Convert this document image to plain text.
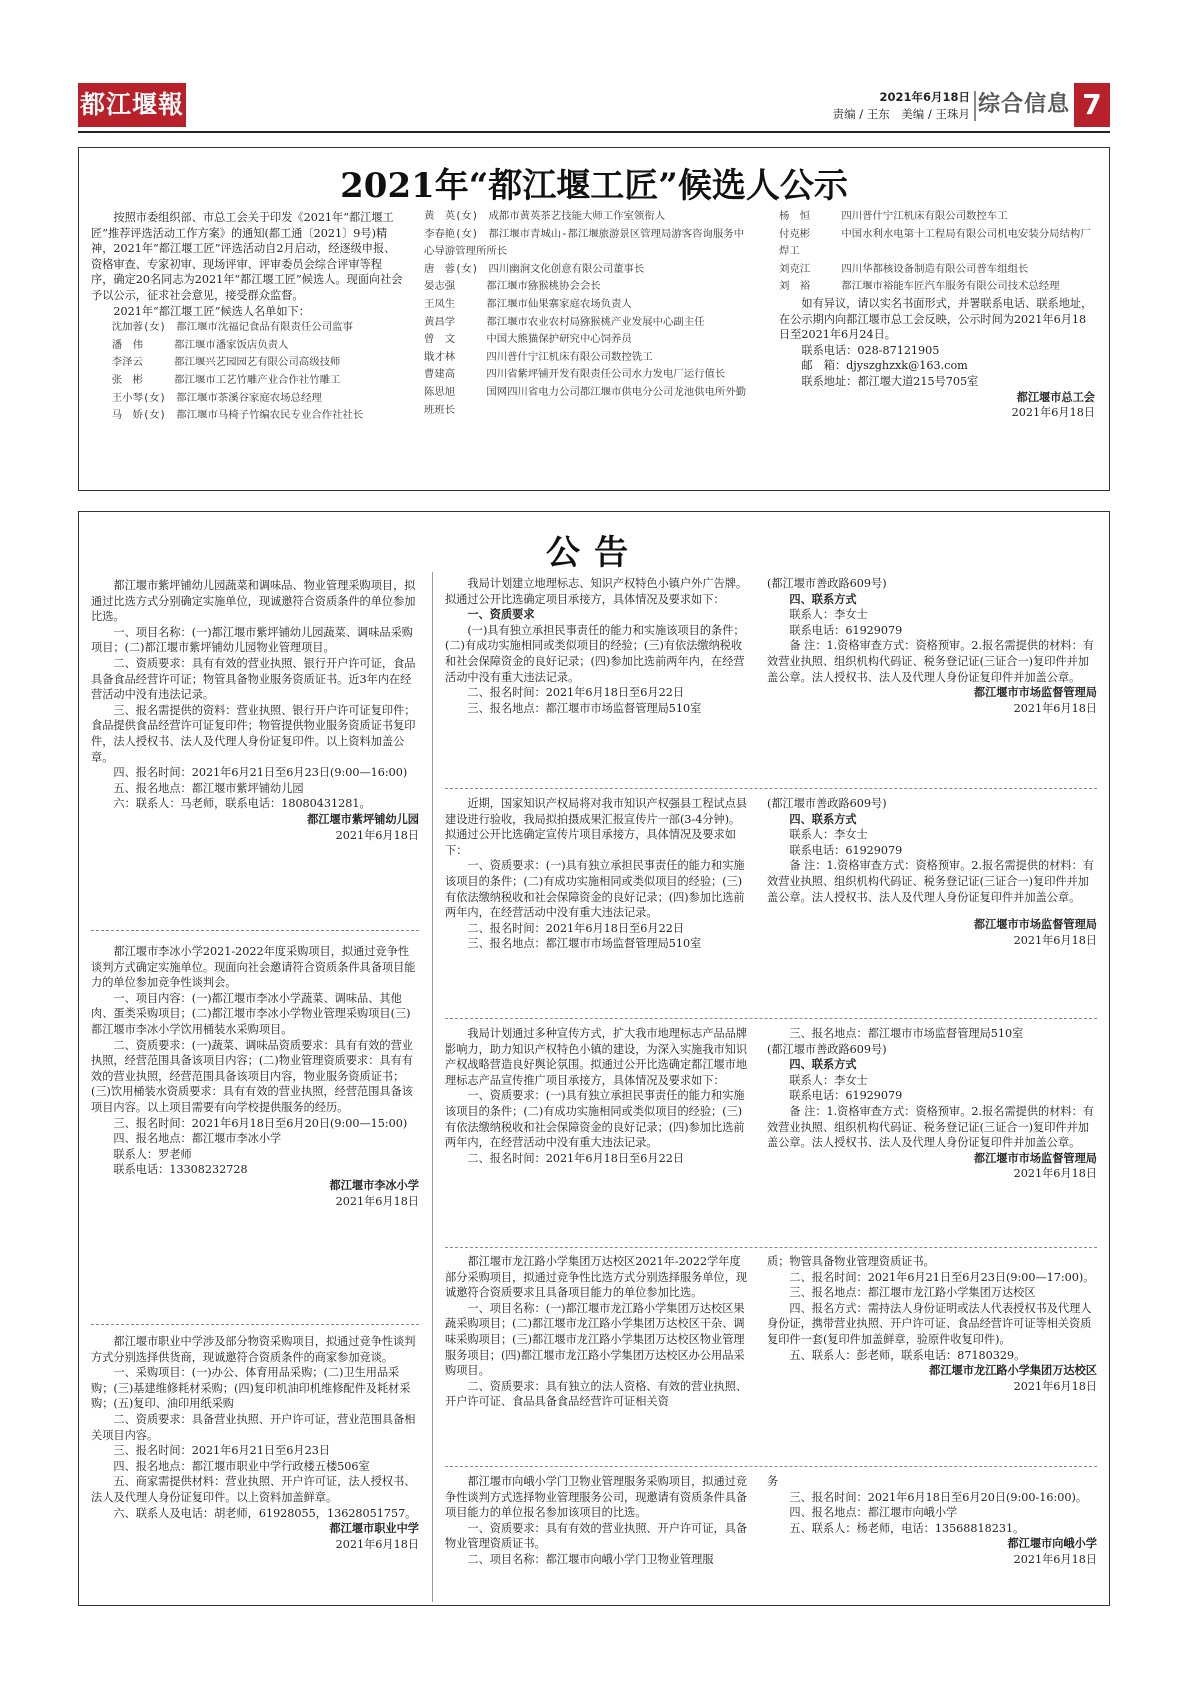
都江堰報	2021年6月18日
责编 / 王东　美编 / 王珠月 综合信息 7
2021年“都江堰工匠”候选人公示

按照市委组织部、市总工会关于印发《2021年“都江堰工匠”推荐评选活动工作方案》的通知(都工通〔2021〕9号)精神，2021年“都江堰工匠”评选活动自2月启动，经逐级申报、资格审查、专家初审、现场评审、评审委员会综合评审等程序，确定20名同志为2021年“都江堰工匠”候选人。现面向社会予以公示，征求社会意见，接受群众监督。

2021年“都江堰工匠”候选人名单如下：

沈加蓉(女)　都江堰市沈福记食品有限责任公司监事

潘　伟　　　都江堰市潘家饭店负责人

李泽云　　　都江堰兴艺园园艺有限公司高级技师

张　彬　　　都江堰市工艺竹雕产业合作社竹雕工

王小琴(女)　都江堰市茶溪谷家庭农场总经理

马　娇(女)　都江堰市马椅子竹编农民专业合作社社长

黄　英(女)　成都市黄英茶艺技能大师工作室领衔人

李春艳(女)　都江堰市青城山-都江堰旅游景区管理局游客咨询服务中心导游管理所所长

唐　蓉(女)　四川幽涧文化创意有限公司董事长

晏志强　　　都江堰市猕猴桃协会会长

王凤生　　　都江堰市仙果寨家庭农场负责人

黄昌学　　　都江堰市农业农村局猕猴桃产业发展中心副主任

曾　文　　　中国大熊猫保护研究中心饲养员

戢才林　　　四川普什宁江机床有限公司数控铣工

曹建高　　　四川省紫坪铺开发有限责任公司水力发电厂运行值长

陈思旭　　　国网四川省电力公司都江堰市供电分公司龙池供电所外勤班班长

杨　恒　　　四川普什宁江机床有限公司数控车工

付克彬　　　中国水利水电第十工程局有限公司机电安装分局结构厂焊工

刘克江　　　四川华都核设备制造有限公司普车组组长

刘　裕　　　都江堰市裕能车匠汽车服务有限公司技术总经理

如有异议，请以实名书面形式，并署联系电话、联系地址，在公示期内向都江堰市总工会反映，公示时间为2021年6月18日至2021年6月24日。

联系电话：028-87121905

邮　箱：djyszghzxk@163.com

联系地址：都江堰大道215号705室

都江堰市总工会

2021年6月18日

公告

都江堰市紫坪铺幼儿园蔬菜和调味品、物业管理采购项目，拟通过比选方式分别确定实施单位，现诚邀符合资质条件的单位参加比选。

一、项目名称：(一)都江堰市紫坪铺幼儿园蔬菜、调味品采购项目；(二)都江堰市紫坪铺幼儿园物业管理项目。

二、资质要求：具有有效的营业执照、银行开户许可证，食品具备食品经营许可证；物管具备物业服务资质证书。近3年内在经营活动中没有违法记录。

三、报名需提供的资料：营业执照、银行开户许可证复印件；食品提供食品经营许可证复印件；物管提供物业服务资质证书复印件，法人授权书、法人及代理人身份证复印件。以上资料加盖公章。

四、报名时间：2021年6月21日至6月23日(9:00—16:00)

五、报名地点：都江堰市紫坪铺幼儿园

六：联系人：马老师，联系电话：18080431281。

都江堰市紫坪铺幼儿园

2021年6月18日

都江堰市李冰小学2021-2022年度采购项目，拟通过竞争性谈判方式确定实施单位。现面向社会邀请符合资质条件具备项目能力的单位参加竞争性谈判会。

一、项目内容：(一)都江堰市李冰小学蔬菜、调味品、其他肉、蛋类采购项目；(二)都江堰市李冰小学物业管理采购项目(三)都江堰市李冰小学饮用桶装水采购项目。

二、资质要求：(一)蔬菜、调味品资质要求：具有有效的营业执照，经营范围具备该项目内容；(二)物业管理资质要求：具有有效的营业执照，经营范围具备该项目内容，物业服务资质证书；(三)饮用桶装水资质要求：具有有效的营业执照，经营范围具备该项目内容。以上项目需要有向学校提供服务的经历。

三、报名时间：2021年6月18日至6月20日(9:00—15:00)

四、报名地点：都江堰市李冰小学

联系人：罗老师

联系电话：13308232728

都江堰市李冰小学

2021年6月18日

都江堰市职业中学涉及部分物资采购项目，拟通过竞争性谈判方式分别选择供货商，现诚邀符合资质条件的商家参加竞谈。

一、采购项目：(一)办公、体育用品采购；(二)卫生用品采购；(三)基建维修耗材采购；(四)复印机油印机维修配件及耗材采购；(五)复印、油印用纸采购

二、资质要求：具备营业执照、开户许可证，营业范围具备相关项目内容。

三、报名时间：2021年6月21日至6月23日

四、报名地点：都江堰市职业中学行政楼五楼506室

五、商家需提供材料：营业执照、开户许可证，法人授权书、法人及代理人身份证复印件。以上资料加盖鲜章。

六、联系人及电话：胡老师，61928055，13628051757。

都江堰市职业中学

2021年6月18日

我局计划建立地理标志、知识产权特色小镇户外广告牌。拟通过公开比选确定项目承接方，具体情况及要求如下：

一、资质要求

(一)具有独立承担民事责任的能力和实施该项目的条件；(二)有成功实施相同或类似项目的经验；(三)有依法缴纳税收和社会保障资金的良好记录；(四)参加比选前两年内，在经营活动中没有重大违法记录。

二、报名时间：2021年6月18日至6月22日

三、报名地点：都江堰市市场监督管理局510室

(都江堰市善政路609号)

四、联系方式

联系人：李女士

联系电话：61929079

备 注：1.资格审查方式：资格预审。2.报名需提供的材料：有效营业执照、组织机构代码证、税务登记证(三证合一)复印件并加盖公章。法人授权书、法人及代理人身份证复印件并加盖公章。

都江堰市市场监督管理局

2021年6月18日

近期，国家知识产权局将对我市知识产权强县工程试点县建设进行验收，我局拟拍摄成果汇报宣传片一部(3-4分钟)。拟通过公开比选确定宣传片项目承接方，具体情况及要求如下：

一、资质要求：(一)具有独立承担民事责任的能力和实施该项目的条件；(二)有成功实施相同或类似项目的经验；(三)有依法缴纳税收和社会保障资金的良好记录；(四)参加比选前两年内，在经营活动中没有重大违法记录。

二、报名时间：2021年6月18日至6月22日

三、报名地点：都江堰市市场监督管理局510室

(都江堰市善政路609号)

四、联系方式

联系人：李女士

联系电话：61929079

备 注：1.资格审查方式：资格预审。2.报名需提供的材料：有效营业执照、组织机构代码证、税务登记证(三证合一)复印件并加盖公章。法人授权书、法人及代理人身份证复印件并加盖公章。

都江堰市市场监督管理局

2021年6月18日

我局计划通过多种宣传方式，扩大我市地理标志产品品牌影响力，助力知识产权特色小镇的建设，为深入实施我市知识产权战略营造良好舆论氛围。拟通过公开比选确定都江堰市地理标志产品宣传推广项目承接方，具体情况及要求如下：

一、资质要求：(一)具有独立承担民事责任的能力和实施该项目的条件；(二)有成功实施相同或类似项目的经验；(三)有依法缴纳税收和社会保障资金的良好记录；(四)参加比选前两年内，在经营活动中没有重大违法记录。

二、报名时间：2021年6月18日至6月22日

三、报名地点：都江堰市市场监督管理局510室

(都江堰市善政路609号)

四、联系方式

联系人：李女士

联系电话：61929079

备 注：1.资格审查方式：资格预审。2.报名需提供的材料：有效营业执照、组织机构代码证、税务登记证(三证合一)复印件并加盖公章。法人授权书、法人及代理人身份证复印件并加盖公章。

都江堰市市场监督管理局

2021年6月18日

都江堰市龙江路小学集团万达校区2021年-2022学年度部分采购项目，拟通过竞争性比选方式分别选择服务单位，现诚邀符合资质要求且具备项目能力的单位参加比选。

一、项目名称：(一)都江堰市龙江路小学集团万达校区果蔬采购项目；(二)都江堰市龙江路小学集团万达校区干杂、调味采购项目；(三)都江堰市龙江路小学集团万达校区物业管理服务项目；(四)都江堰市龙江路小学集团万达校区办公用品采购项目。

二、资质要求：具有独立的法人资格、有效的营业执照、开户许可证、食品具备食品经营许可证相关资

质；物管具备物业管理资质证书。

二、报名时间：2021年6月21日至6月23日(9:00—17:00)。

三、报名地点：都江堰市龙江路小学集团万达校区

四、报名方式：需持法人身份证明或法人代表授权书及代理人身份证，携带营业执照、开户许可证、食品经营许可证等相关资质复印件一套(复印件加盖鲜章，验原件收复印件)。

五、联系人：彭老师，联系电话：87180329。

都江堰市龙江路小学集团万达校区

2021年6月18日

都江堰市向峨小学门卫物业管理服务采购项目，拟通过竞争性谈判方式选择物业管理服务公司，现邀请有资质条件具备项目能力的单位报名参加该项目的比选。

一、资质要求：具有有效的营业执照、开户许可证，具备物业管理资质证书。

二、项目名称：都江堰市向峨小学门卫物业管理服

务

三、报名时间：2021年6月18日至6月20日(9:00-16:00)。

四、报名地点：都江堰市向峨小学

五、联系人：杨老师，电话：13568818231。

都江堰市向峨小学

2021年6月18日
